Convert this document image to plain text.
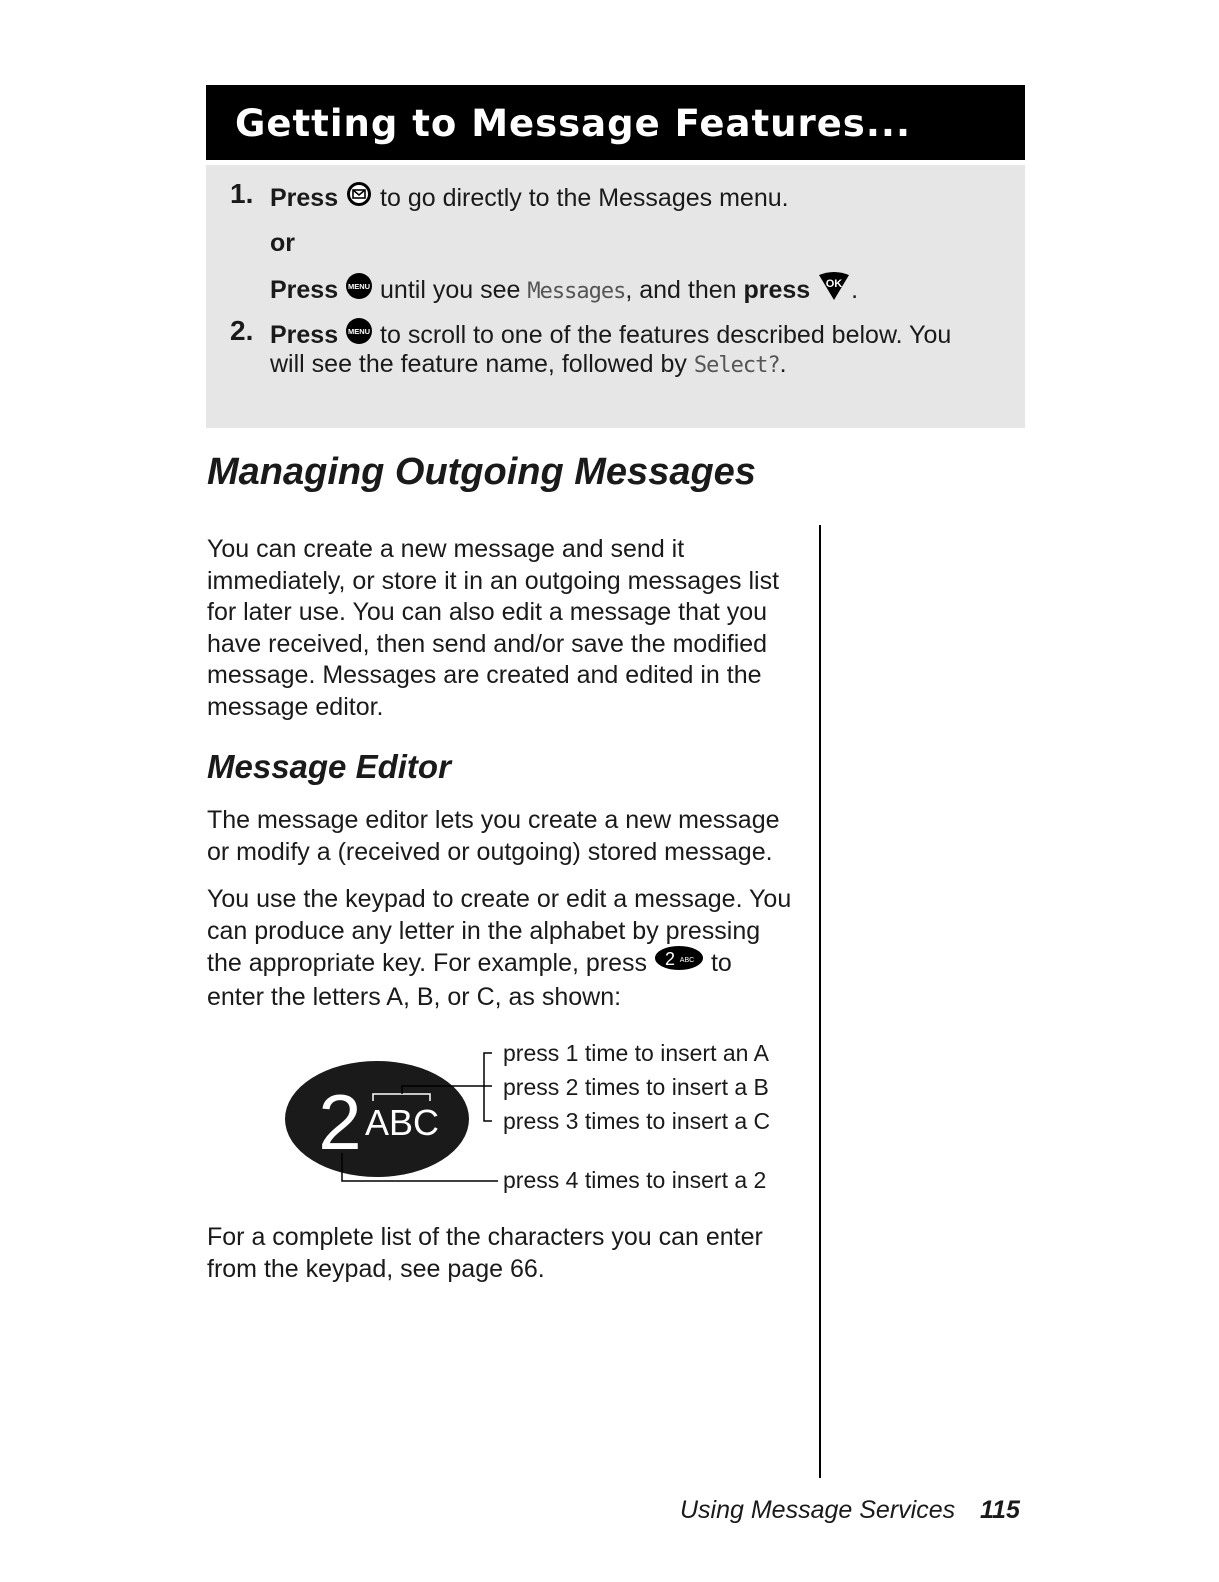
Getting to Message Features...
1. Press to go directly to the Messages menu.
or
Press MENU until you see Messages, and then press OK .
2. Press MENU to scroll to one of the features described below. You
will see the feature name, followed by Select?.
Managing Outgoing Messages
You can create a new message and send it
immediately, or store it in an outgoing messages list
for later use. You can also edit a message that you
have received, then send and/or save the modified
message. Messages are created and edited in the
message editor.
Message Editor
The message editor lets you create a new message
or modify a (received or outgoing) stored message.
You use the keypad to create or edit a message. You
can produce any letter in the alphabet by pressing
the appropriate key. For example, press 2 ABC to
enter the letters A, B, or C, as shown:
2 ABC
press 1 time to insert an A
press 2 times to insert a B
press 3 times to insert a C
press 4 times to insert a 2
For a complete list of the characters you can enter
from the keypad, see page 66.
Using Message Services 115
